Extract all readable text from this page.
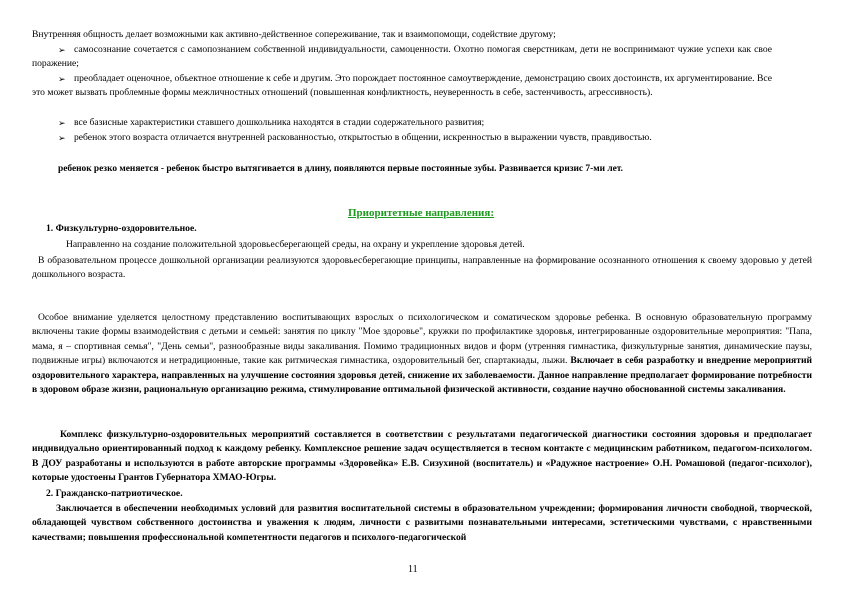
Внутренняя общность делает возможными как активно-действенное сопереживание, так и взаимопомощи, содействие другому;
➢ самосознание сочетается с самопознанием собственной индивидуальности, самоценности. Охотно помогая сверстникам, дети не воспринимают чужие успехи как свое поражение;
➢ преобладает оценочное, объектное отношение к себе и другим. Это порождает постоянное самоутверждение, демонстрацию своих достоинств, их аргументирование. Все это может вызвать проблемные формы межличностных отношений (повышенная конфликтность, неуверенность в себе, застенчивость, агрессивность).
➢ все базисные характеристики ставшего дошкольника находятся в стадии содержательного развития;
➢ ребенок этого возраста отличается внутренней раскованностью, открытостью в общении, искренностью в выражении чувств, правдивостью.
ребенок резко меняется - ребенок быстро вытягивается в длину, появляются первые постоянные зубы. Развивается кризис 7-ми лет.
Приоритетные направления:
1. Физкультурно-оздоровительное.
Направленно на создание положительной здоровьесберегающей среды, на охрану и укрепление здоровья детей.
В образовательном процессе дошкольной организации реализуются здоровьесберегающие принципы, направленные на формирование осознанного отношения к своему здоровью у детей дошкольного возраста.
Особое внимание уделяется целостному представлению воспитывающих взрослых о психологическом и соматическом здоровье ребенка. В основную образовательную программу включены такие формы взаимодействия с детьми и семьей: занятия по циклу "Мое здоровье", кружки по профилактике здоровья, интегрированные оздоровительные мероприятия: "Папа, мама, я – спортивная семья", "День семьи", разнообразные виды закаливания. Помимо традиционных видов и форм (утренняя гимнастика, физкультурные занятия, динамические паузы, подвижные игры) включаются и нетрадиционные, такие как ритмическая гимнастика, оздоровительный бег, спартакиады, лыжи. Включает в себя разработку и внедрение мероприятий оздоровительного характера, направленных на улучшение состояния здоровья детей, снижение их заболеваемости. Данное направление предполагает формирование потребности в здоровом образе жизни, рациональную организацию режима, стимулирование оптимальной физической активности, создание научно обоснованной системы закаливания.
Комплекс физкультурно-оздоровительных мероприятий составляется в соответствии с результатами педагогической диагностики состояния здоровья и предполагает индивидуально ориентированный подход к каждому ребенку. Комплексное решение задач осуществляется в тесном контакте с медицинским работником, педагогом-психологом. В ДОУ разработаны и используются в работе авторские программы «Здоровейка» Е.В. Сизухиной (воспитатель) и «Радужное настроение» О.Н. Ромашовой (педагог-психолог), которые удостоены Грантов Губернатора ХМАО-Югры.
2. Гражданско-патриотическое.
Заключается в обеспечении необходимых условий для развития воспитательной системы в образовательном учреждении; формирования личности свободной, творческой, обладающей чувством собственного достоинства и уважения к людям, личности с развитыми познавательными интересами, эстетическими чувствами, с нравственными качествами; повышения профессиональной компетентности педагогов и психолого-педагогической
11
